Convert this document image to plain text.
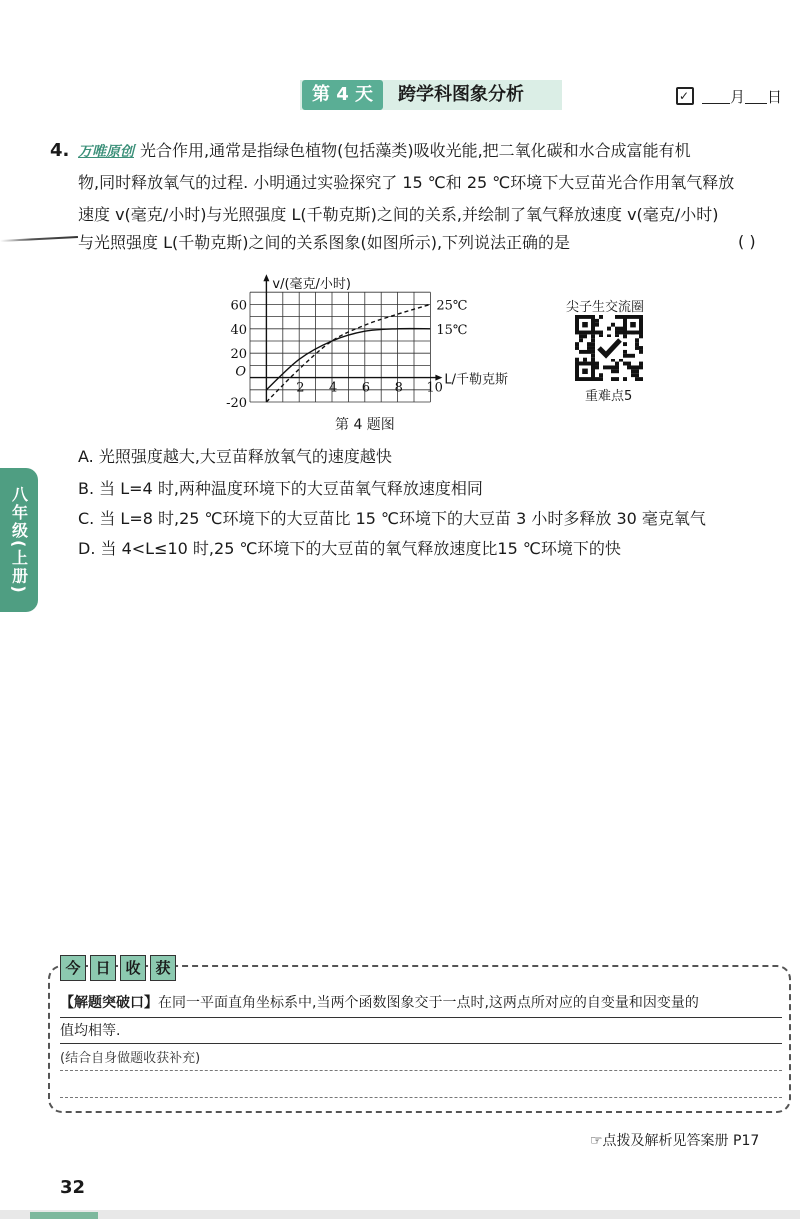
第 4 天	跨学科图象分析
✓	月 日
4. 万唯原创 光合作用,通常是指绿色植物(包括藻类)吸收光能,把二氧化碳和水合成富能有机
物,同时释放氧气的过程. 小明通过实验探究了 15 ℃和 25 ℃环境下大豆苗光合作用氧气释放
速度 v(毫克/小时)与光照强度 L(千勒克斯)之间的关系,并绘制了氧气释放速度 v(毫克/小时)
与光照强度 L(千勒克斯)之间的关系图象(如图所示),下列说法正确的是	( )
25℃
15℃
2 4 6 8 10
60
40
20
-20
O
L/千勒克斯
v/(毫克/小时)
第 4 题图
尖子生交流圈
重难点5
A. 光照强度越大,大豆苗释放氧气的速度越快
B. 当 L=4 时,两种温度环境下的大豆苗氧气释放速度相同
C. 当 L=8 时,25 ℃环境下的大豆苗比 15 ℃环境下的大豆苗 3 小时多释放 30 毫克氧气
D. 当 4<L≤10 时,25 ℃环境下的大豆苗的氧气释放速度比15 ℃环境下的快
八年级(上册)
今 日 收 获
【解题突破口】在同一平面直角坐标系中,当两个函数图象交于一点时,这两点所对应的自变量和因变量的
值均相等.
(结合自身做题收获补充)
☞点拨及解析见答案册 P17
32
